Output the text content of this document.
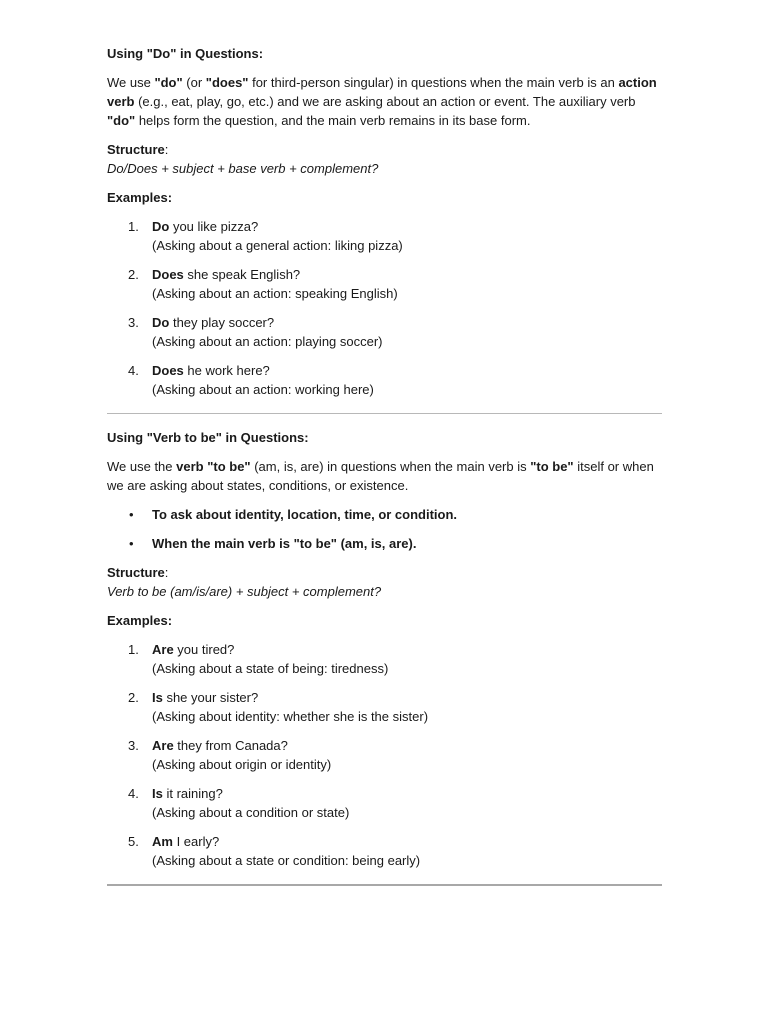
Using "Do" in Questions:
We use "do" (or "does" for third-person singular) in questions when the main verb is an action verb (e.g., eat, play, go, etc.) and we are asking about an action or event. The auxiliary verb "do" helps form the question, and the main verb remains in its base form.
Structure:
Do/Does + subject + base verb + complement?
Examples:
1. Do you like pizza?
(Asking about a general action: liking pizza)
2. Does she speak English?
(Asking about an action: speaking English)
3. Do they play soccer?
(Asking about an action: playing soccer)
4. Does he work here?
(Asking about an action: working here)
Using "Verb to be" in Questions:
We use the verb "to be" (am, is, are) in questions when the main verb is "to be" itself or when we are asking about states, conditions, or existence.
• To ask about identity, location, time, or condition.
• When the main verb is "to be" (am, is, are).
Structure:
Verb to be (am/is/are) + subject + complement?
Examples:
1. Are you tired?
(Asking about a state of being: tiredness)
2. Is she your sister?
(Asking about identity: whether she is the sister)
3. Are they from Canada?
(Asking about origin or identity)
4. Is it raining?
(Asking about a condition or state)
5. Am I early?
(Asking about a state or condition: being early)
